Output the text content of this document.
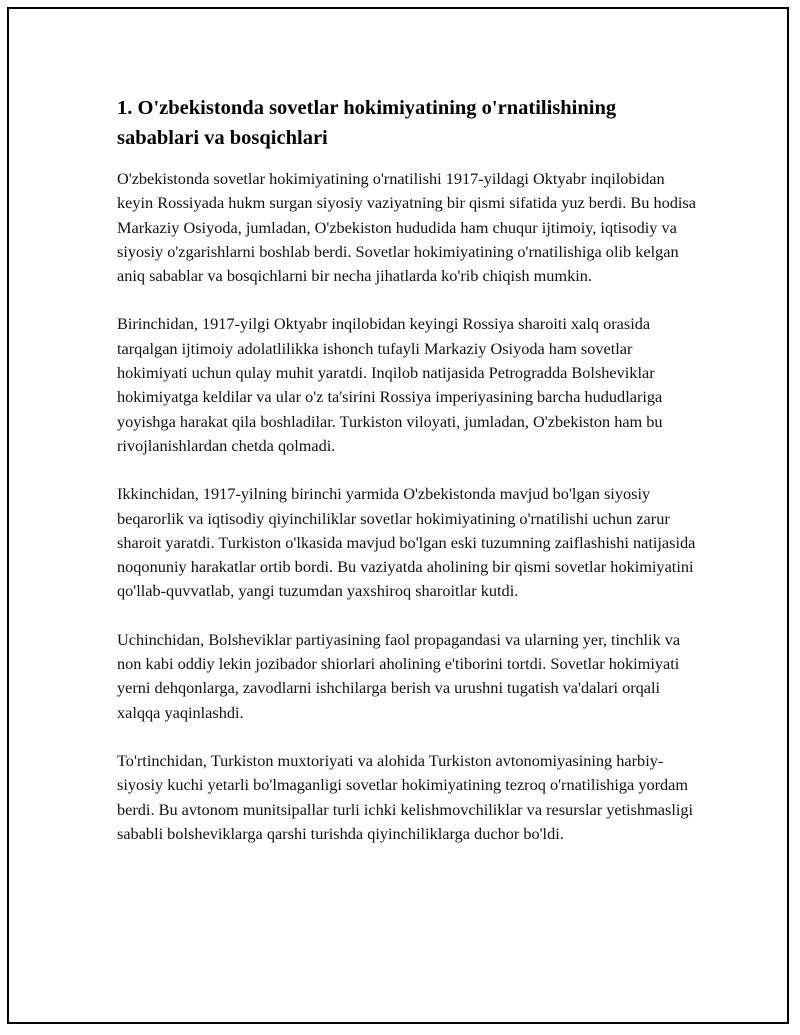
1. O'zbekistonda sovetlar hokimiyatining o'rnatilishining sabablari va bosqichlari

O'zbekistonda sovetlar hokimiyatining o'rnatilishi 1917-yildagi Oktyabr inqilobidan keyin Rossiyada hukm surgan siyosiy vaziyatning bir qismi sifatida yuz berdi. Bu hodisa Markaziy Osiyoda, jumladan, O'zbekiston hududida ham chuqur ijtimoiy, iqtisodiy va siyosiy o'zgarishlarni boshlab berdi. Sovetlar hokimiyatining o'rnatilishiga olib kelgan aniq sabablar va bosqichlarni bir necha jihatlarda ko'rib chiqish mumkin.

Birinchidan, 1917-yilgi Oktyabr inqilobidan keyingi Rossiya sharoiti xalq orasida tarqalgan ijtimoiy adolatlilikka ishonch tufayli Markaziy Osiyoda ham sovetlar hokimiyati uchun qulay muhit yaratdi. Inqilob natijasida Petrogradda Bolsheviklar hokimiyatga keldilar va ular o'z ta'sirini Rossiya imperiyasining barcha hududlariga yoyishga harakat qila boshladilar. Turkiston viloyati, jumladan, O'zbekiston ham bu rivojlanishlardan chetda qolmadi.

Ikkinchidan, 1917-yilning birinchi yarmida O'zbekistonda mavjud bo'lgan siyosiy beqarorlik va iqtisodiy qiyinchiliklar sovetlar hokimiyatining o'rnatilishi uchun zarur sharoit yaratdi. Turkiston o'lkasida mavjud bo'lgan eski tuzumning zaiflashishi natijasida noqonuniy harakatlar ortib bordi. Bu vaziyatda aholining bir qismi sovetlar hokimiyatini qo'llab-quvvatlab, yangi tuzumdan yaxshiroq sharoitlar kutdi.

Uchinchidan, Bolsheviklar partiyasining faol propagandasi va ularning yer, tinchlik va non kabi oddiy lekin jozibador shiorlari aholining e'tiborini tortdi. Sovetlar hokimiyati yerni dehqonlarga, zavodlarni ishchilarga berish va urushni tugatish va'dalari orqali xalqqa yaqinlashdi.

To'rtinchidan, Turkiston muxtoriyati va alohida Turkiston avtonomiyasining harbiy-siyosiy kuchi yetarli bo'lmaganligi sovetlar hokimiyatining tezroq o'rnatilishiga yordam berdi. Bu avtonom munitsipallar turli ichki kelishmovchiliklar va resurslar yetishmasligi sababli bolsheviklarga qarshi turishda qiyinchiliklarga duchor bo'ldi.
